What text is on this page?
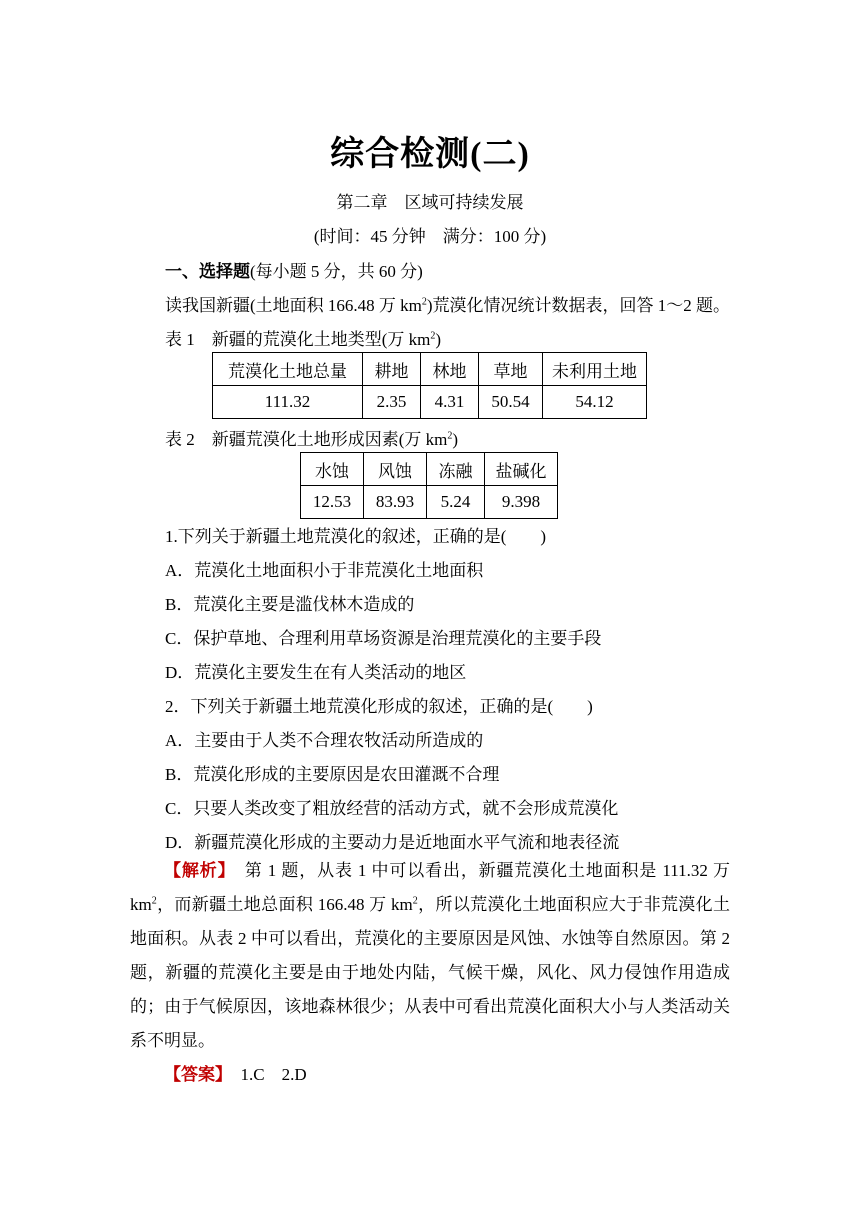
综合检测(二)
第二章　区域可持续发展
(时间：45 分钟　满分：100 分)
一、选择题(每小题 5 分，共 60 分)
读我国新疆(土地面积 166.48 万 $km^2$)荒漠化情况统计数据表，回答 1～2 题。
表 1　新疆的荒漠化土地类型(万 $km^2$)
荒漠化土地总量	耕地	林地	草地	未利用土地
111.32	2.35	4.31	50.54	54.12
表 2　新疆荒漠化土地形成因素(万 $km^2$)
水蚀	风蚀	冻融	盐碱化
12.53	83.93	5.24	9.398
1.下列关于新疆土地荒漠化的叙述，正确的是(　　)
A．荒漠化土地面积小于非荒漠化土地面积
B．荒漠化主要是滥伐林木造成的
C．保护草地、合理利用草场资源是治理荒漠化的主要手段
D．荒漠化主要发生在有人类活动的地区
2．下列关于新疆土地荒漠化形成的叙述，正确的是(　　)
A．主要由于人类不合理农牧活动所造成的
B．荒漠化形成的主要原因是农田灌溉不合理
C．只要人类改变了粗放经营的活动方式，就不会形成荒漠化
D．新疆荒漠化形成的主要动力是近地面水平气流和地表径流
【解析】　第 1 题，从表 1 中可以看出，新疆荒漠化土地面积是 111.32 万 $km^2$，而新疆土地总面积 166.48 万 $km^2$，所以荒漠化土地面积应大于非荒漠化土地面积。从表 2 中可以看出，荒漠化的主要原因是风蚀、水蚀等自然原因。第 2 题，新疆的荒漠化主要是由于地处内陆，气候干燥，风化、风力侵蚀作用造成的；由于气候原因，该地森林很少；从表中可看出荒漠化面积大小与人类活动关系不明显。
【答案】　1.C　2.D
